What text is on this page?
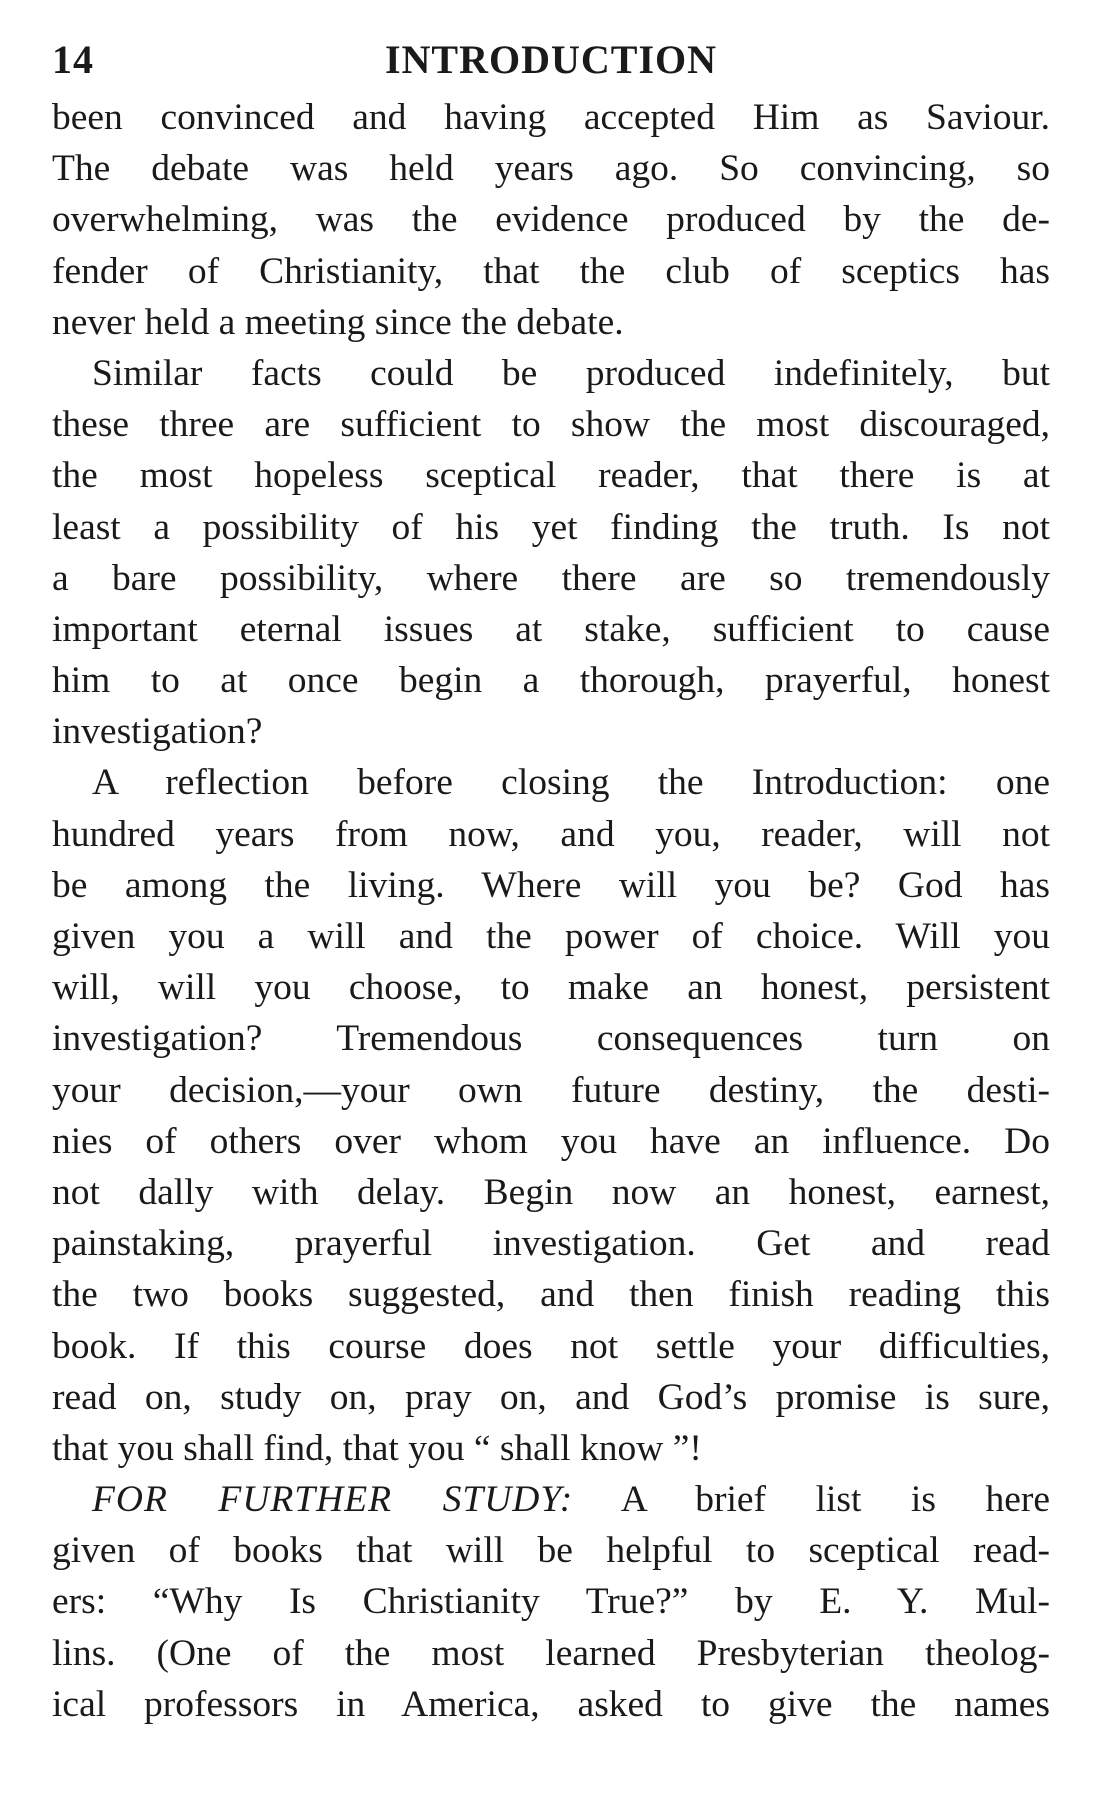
14	INTRODUCTION
been convinced and having accepted Him as Saviour.
The debate was held years ago. So convincing, so
overwhelming, was the evidence produced by the de-
fender of Christianity, that the club of sceptics has
never held a meeting since the debate.
Similar facts could be produced indefinitely, but
these three are sufficient to show the most discouraged,
the most hopeless sceptical reader, that there is at
least a possibility of his yet finding the truth. Is not
a bare possibility, where there are so tremendously
important eternal issues at stake, sufficient to cause
him to at once begin a thorough, prayerful, honest
investigation?
A reflection before closing the Introduction: one
hundred years from now, and you, reader, will not
be among the living. Where will you be? God has
given you a will and the power of choice. Will you
will, will you choose, to make an honest, persistent
investigation? Tremendous consequences turn on
your decision,—your own future destiny, the desti-
nies of others over whom you have an influence. Do
not dally with delay. Begin now an honest, earnest,
painstaking, prayerful investigation. Get and read
the two books suggested, and then finish reading this
book. If this course does not settle your difficulties,
read on, study on, pray on, and God’s promise is sure,
that you shall find, that you “ shall know ”!
FOR FURTHER STUDY: A brief list is here
given of books that will be helpful to sceptical read-
ers: “Why Is Christianity True?” by E. Y. Mul-
lins. (One of the most learned Presbyterian theolog-
ical professors in America, asked to give the names
